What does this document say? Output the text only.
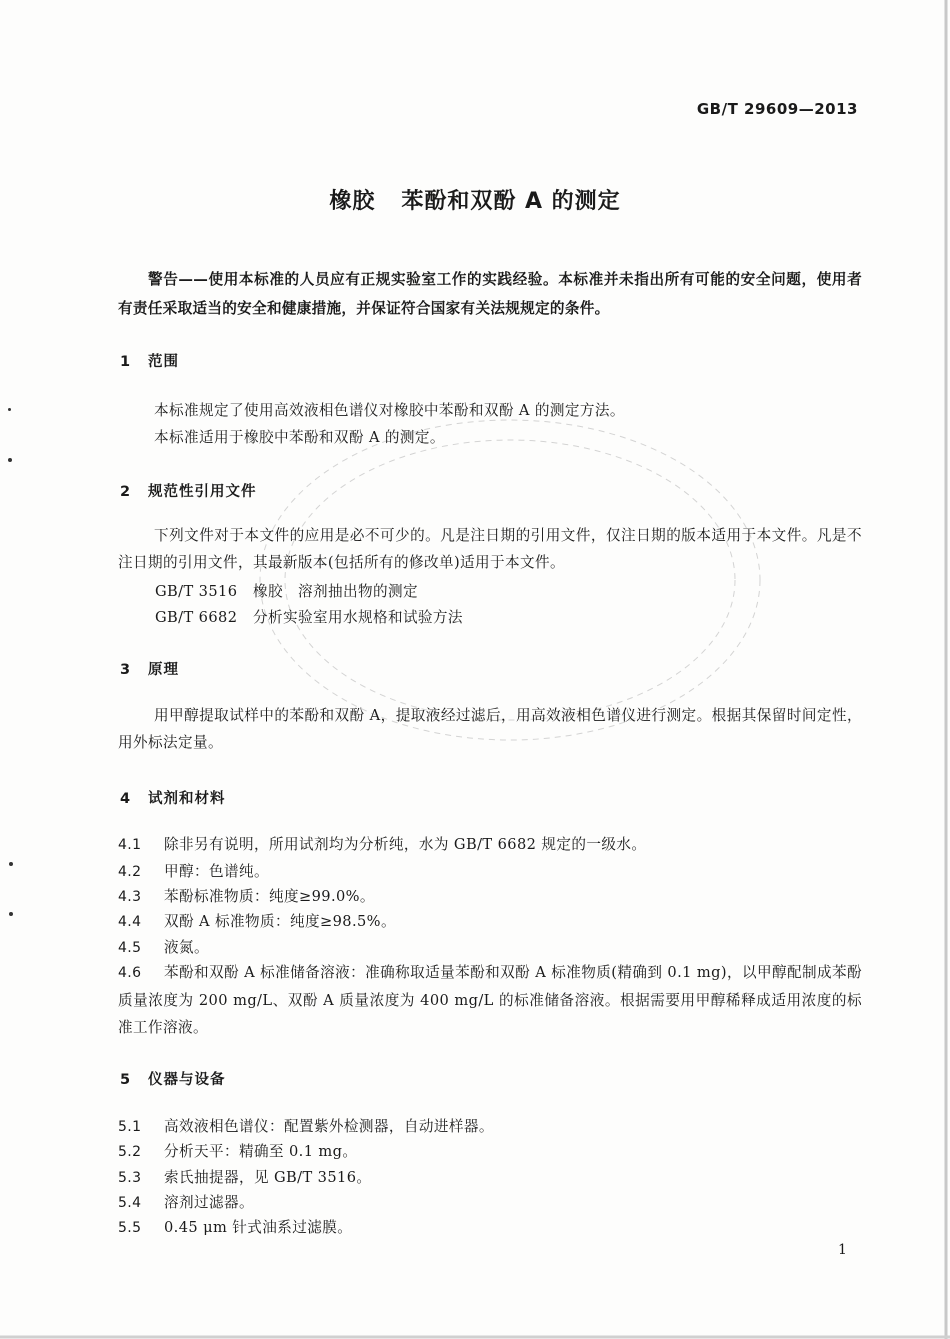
GB/T 29609—2013
橡胶 苯酚和双酚 A 的测定
警告——使用本标准的人员应有正规实验室工作的实践经验。本标准并未指出所有可能的安全问题，使用者有责任采取适当的安全和健康措施，并保证符合国家有关法规规定的条件。
1 范围
本标准规定了使用高效液相色谱仪对橡胶中苯酚和双酚 A 的测定方法。
本标准适用于橡胶中苯酚和双酚 A 的测定。
2 规范性引用文件
下列文件对于本文件的应用是必不可少的。凡是注日期的引用文件，仅注日期的版本适用于本文件。凡是不注日期的引用文件，其最新版本(包括所有的修改单)适用于本文件。
GB/T 3516 橡胶　溶剂抽出物的测定
GB/T 6682 分析实验室用水规格和试验方法
3 原理
用甲醇提取试样中的苯酚和双酚 A，提取液经过滤后，用高效液相色谱仪进行测定。根据其保留时间定性，用外标法定量。
4 试剂和材料
4.1 除非另有说明，所用试剂均为分析纯，水为 GB/T 6682 规定的一级水。
4.2 甲醇：色谱纯。
4.3 苯酚标准物质：纯度≥99.0%。
4.4 双酚 A 标准物质：纯度≥98.5%。
4.5 液氮。
4.6 苯酚和双酚 A 标准储备溶液：准确称取适量苯酚和双酚 A 标准物质(精确到 0.1 mg)，以甲醇配制成苯酚质量浓度为 200 mg/L、双酚 A 质量浓度为 400 mg/L 的标准储备溶液。根据需要用甲醇稀释成适用浓度的标准工作溶液。
5 仪器与设备
5.1 高效液相色谱仪：配置紫外检测器，自动进样器。
5.2 分析天平：精确至 0.1 mg。
5.3 索氏抽提器，见 GB/T 3516。
5.4 溶剂过滤器。
5.5 0.45 μm 针式油系过滤膜。
1
